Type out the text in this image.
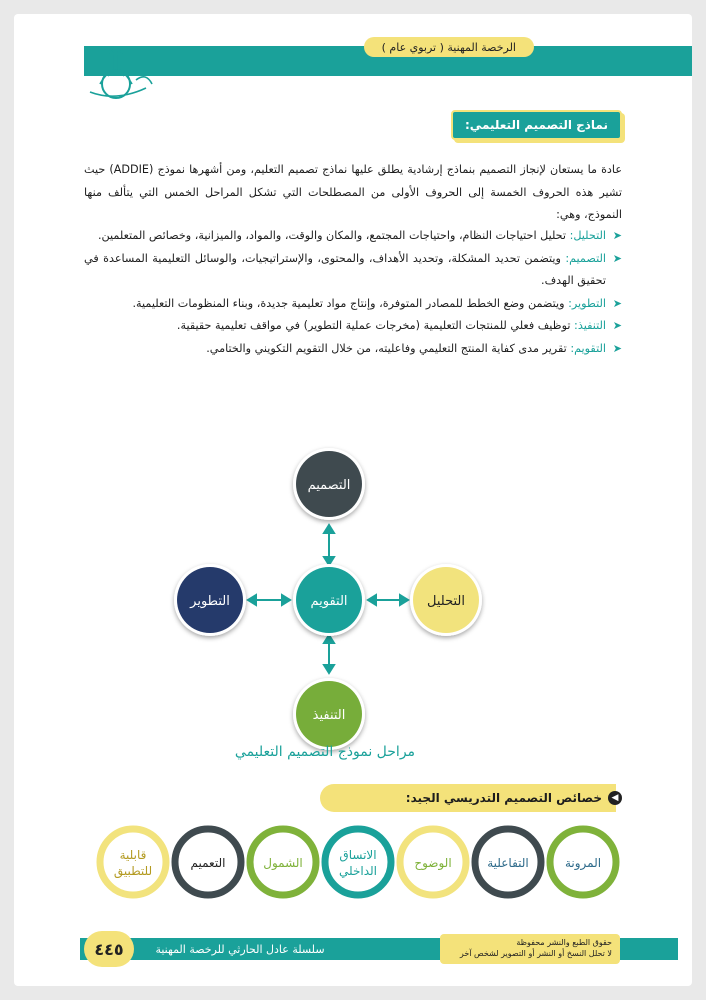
الرخصة المهنية ( تربوي عام )
نماذج التصميم التعليمي:

عادة ما يستعان لإنجاز التصميم بنماذج إرشادية يطلق عليها نماذج تصميم التعليم، ومن أشهرها نموذج (ADDIE) حيث تشير هذه الحروف الخمسة إلى الحروف الأولى من المصطلحات التي تشكل المراحل الخمس التي يتألف منها النموذج، وهي:

➤
التحليل: تحليل احتياجات النظام، واحتياجات المجتمع، والمكان والوقت، والمواد، والميزانية، وخصائص المتعلمين.

➤
التصميم: ويتضمن تحديد المشكلة، وتحديد الأهداف، والمحتوى، والإستراتيجيات، والوسائل التعليمية المساعدة في تحقيق الهدف.

➤
التطوير: ويتضمن وضع الخطط للمصادر المتوفرة، وإنتاج مواد تعليمية جديدة، وبناء المنظومات التعليمية.

➤
التنفيذ: توظيف فعلي للمنتجات التعليمية (مخرجات عملية التطوير) في مواقف تعليمية حقيقية.

➤
التقويم: تقرير مدى كفاية المنتج التعليمي وفاعليته، من خلال التقويم التكويني والختامي.

التصميم
التطوير	التقويم	التحليل
التنفيذ
المرونة
التفاعلية
الوضوح
الاتساق
الداخلي
الشمول
التعميم
قابلية
للتطبيق
مراحل نموذج التصميم التعليمي
◀
خصائص التصميم التدريسي الجيد:
سلسلة عادل الحارثي للرخصة المهنية	حقوق الطبع والنشر محفوظة
لا تحلل النسخ أو النشر أو التصوير لشخص آخر
٤٤٥
